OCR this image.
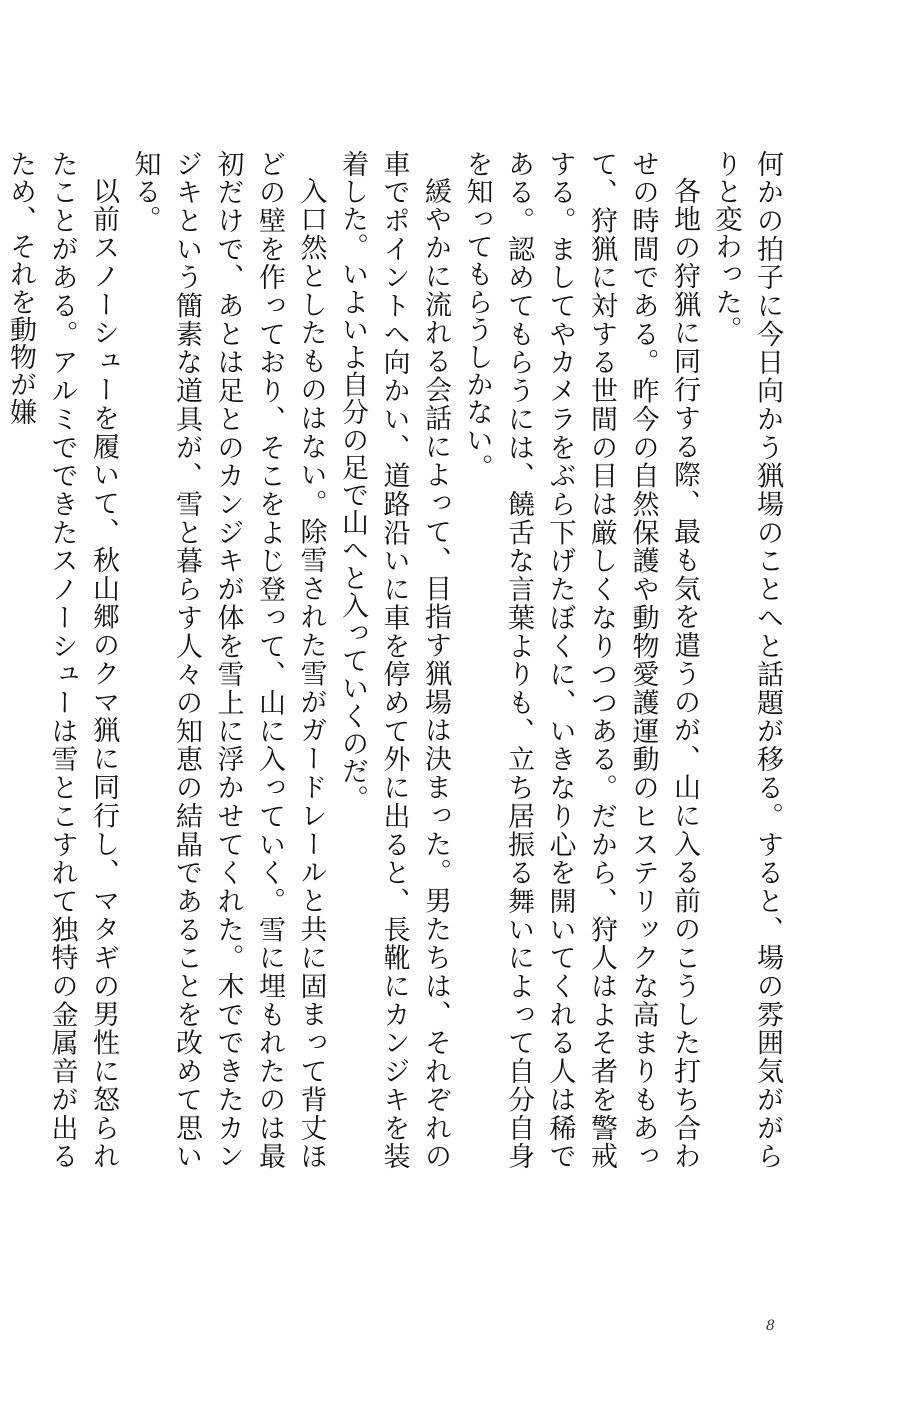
何かの拍子に今日向かう猟場のことへと話題が移る。すると、場の雰囲気ががらりと変わった。

各地の狩猟に同行する際、最も気を遣うのが、山に入る前のこうした打ち合わせの時間である。昨今の自然保護や動物愛護運動のヒステリックな高まりもあって、狩猟に対する世間の目は厳しくなりつつある。だから、狩人はよそ者を警戒する。ましてやカメラをぶら下げたぼくに、いきなり心を開いてくれる人は稀である。認めてもらうには、饒舌な言葉よりも、立ち居振る舞いによって自分自身を知ってもらうしかない。

緩やかに流れる会話によって、目指す猟場は決まった。男たちは、それぞれの車でポイントへ向かい、道路沿いに車を停めて外に出ると、長靴にカンジキを装着した。いよいよ自分の足で山へと入っていくのだ。

入口然としたものはない。除雪された雪がガードレールと共に固まって背丈ほどの壁を作っており、そこをよじ登って、山に入っていく。雪に埋もれたのは最初だけで、あとは足とのカンジキが体を雪上に浮かせてくれた。木でできたカンジキという簡素な道具が、雪と暮らす人々の知恵の結晶であることを改めて思い知る。

以前スノーシューを履いて、秋山郷のクマ猟に同行し、マタギの男性に怒られたことがある。アルミでできたスノーシューは雪とこすれて独特の金属音が出るため、それを動物が嫌

8
